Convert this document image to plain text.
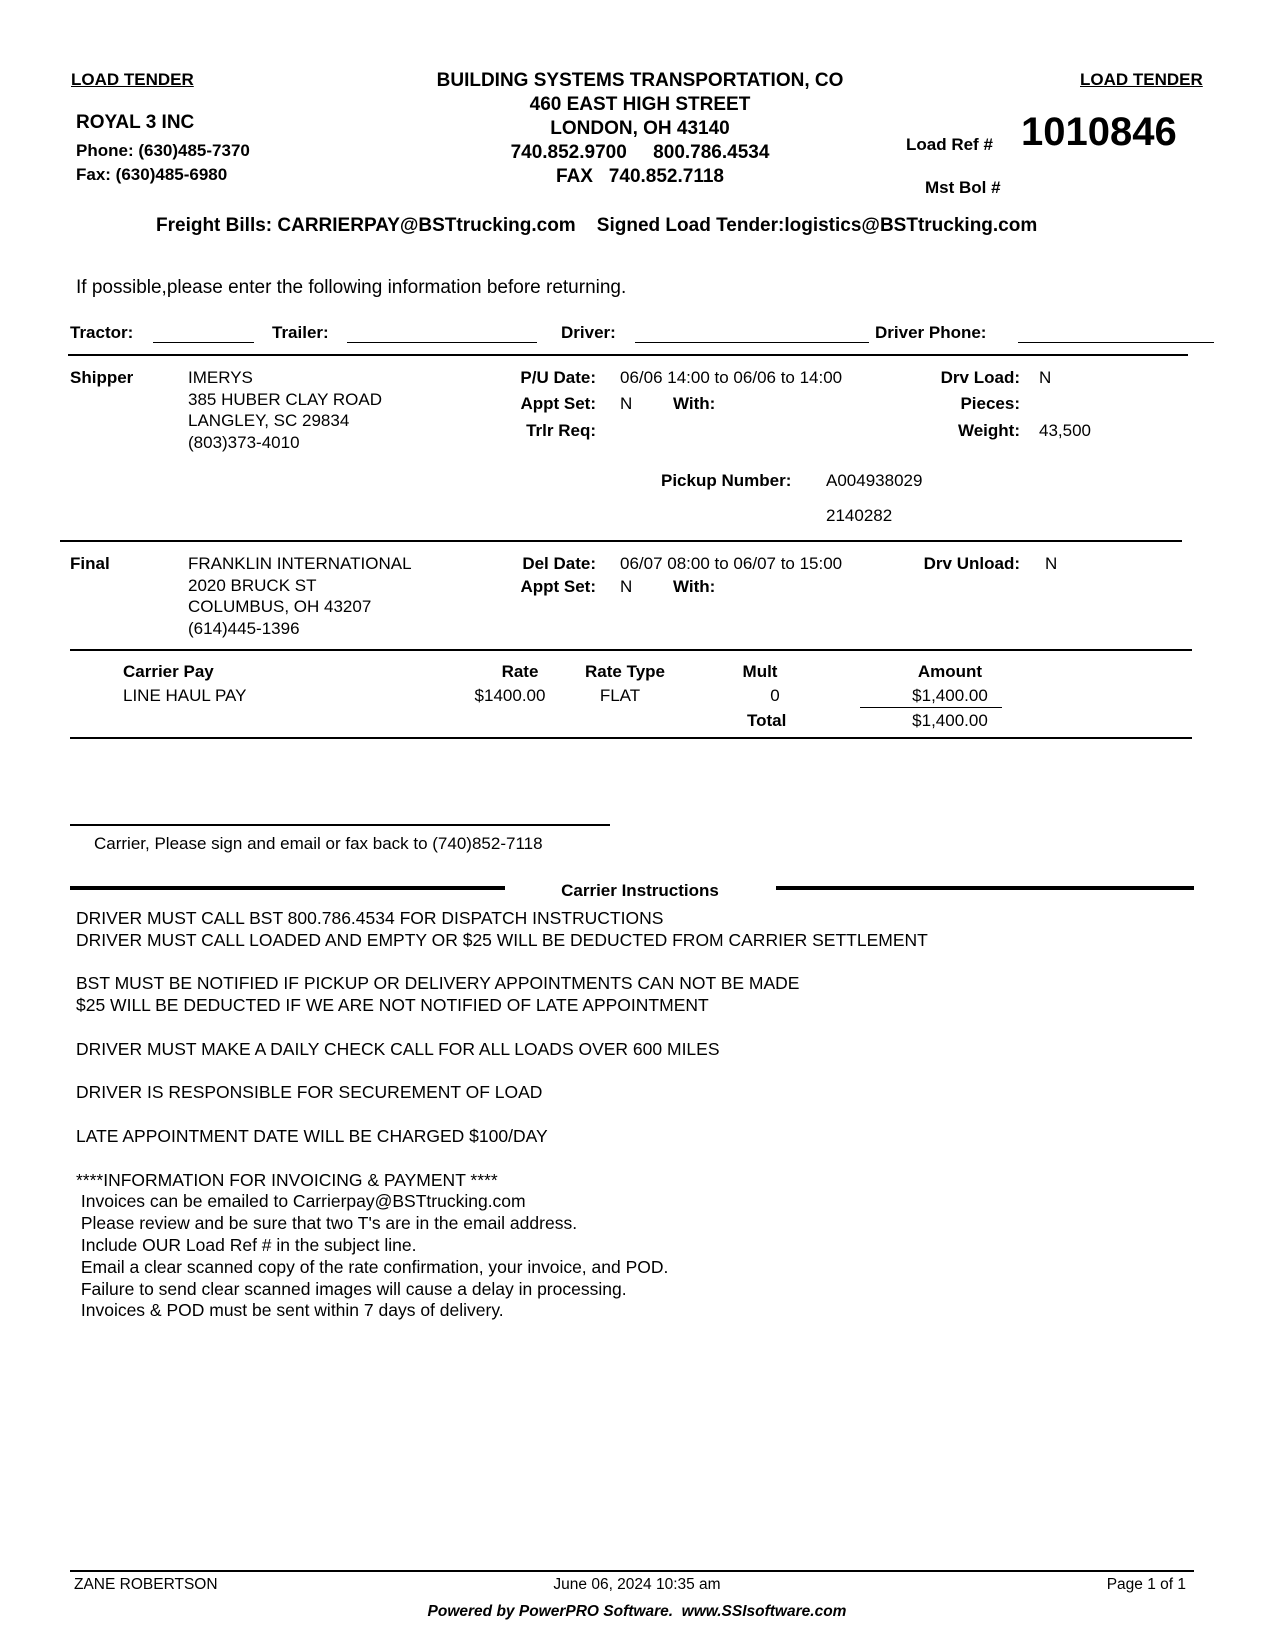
LOAD TENDER	LOAD TENDER
ROYAL 3 INC
Phone: (630)485-7370
Fax: (630)485-6980
BUILDING SYSTEMS TRANSPORTATION, CO
460 EAST HIGH STREET
LONDON, OH 43140
740.852.9700     800.786.4534
FAX   740.852.7118
Load Ref # 1010846
Mst Bol #
Freight Bills: CARRIERPAY@BSTtrucking.com    Signed Load Tender:logistics@BSTtrucking.com
If possible,please enter the following information before returning.
Tractor:	Trailer:	Driver:	Driver Phone:
Shipper	IMERYS
385 HUBER CLAY ROAD
LANGLEY, SC 29834
(803)373-4010
P/U Date: 06/06 14:00 to 06/06 to 14:00
Appt Set: N With:
Trlr Req:
Drv Load: N
Pieces:
Weight: 43,500
Pickup Number: A004938029
2140282
Final	FRANKLIN INTERNATIONAL
2020 BRUCK ST
COLUMBUS, OH 43207
(614)445-1396
Del Date: 06/07 08:00 to 06/07 to 15:00
Appt Set: N With:
Drv Unload: N
Carrier Pay	Rate	Rate Type	Mult	Amount
LINE HAUL PAY	$1400.00	FLAT	0	$1,400.00
Total	$1,400.00
Carrier, Please sign and email or fax back to (740)852-7118
Carrier Instructions
DRIVER MUST CALL BST 800.786.4534 FOR DISPATCH INSTRUCTIONS
DRIVER MUST CALL LOADED AND EMPTY OR $25 WILL BE DEDUCTED FROM CARRIER SETTLEMENT

BST MUST BE NOTIFIED IF PICKUP OR DELIVERY APPOINTMENTS CAN NOT BE MADE
$25 WILL BE DEDUCTED IF WE ARE NOT NOTIFIED OF LATE APPOINTMENT

DRIVER MUST MAKE A DAILY CHECK CALL FOR ALL LOADS OVER 600 MILES

DRIVER IS RESPONSIBLE FOR SECUREMENT OF LOAD

LATE APPOINTMENT DATE WILL BE CHARGED $100/DAY

****INFORMATION FOR INVOICING & PAYMENT ****
Invoices can be emailed to Carrierpay@BSTtrucking.com
Please review and be sure that two T's are in the email address.
Include OUR Load Ref # in the subject line.
Email a clear scanned copy of the rate confirmation, your invoice, and POD.
Failure to send clear scanned images will cause a delay in processing.
Invoices & POD must be sent within 7 days of delivery.
ZANE ROBERTSON	June 06, 2024 10:35 am	Page 1 of 1
Powered by PowerPRO Software.  www.SSIsoftware.com
